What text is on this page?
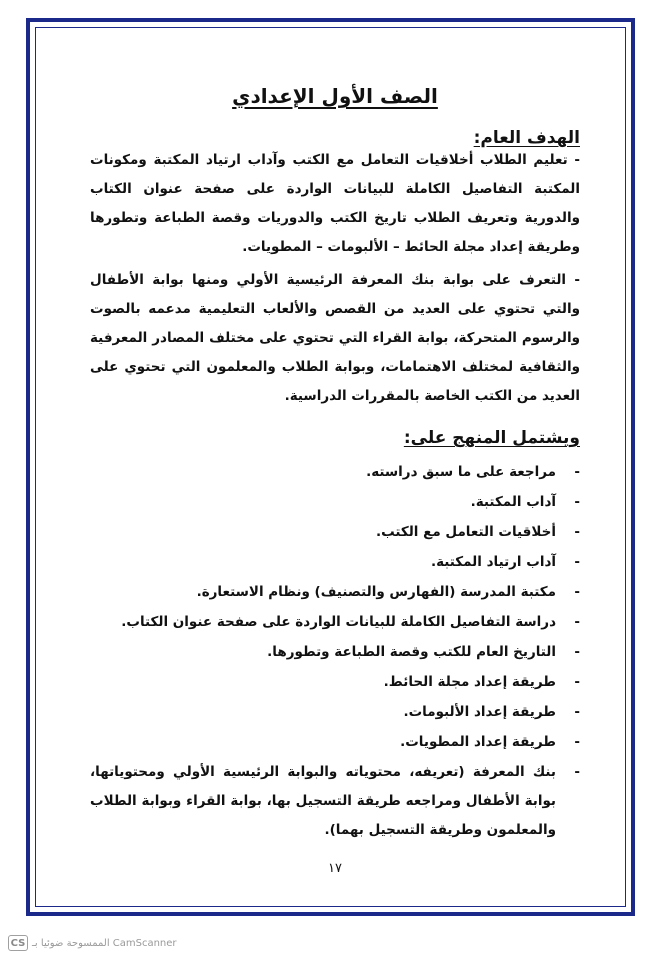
الصف الأول الإعدادي
الهدف العام:
- تعليم الطلاب أخلاقيات التعامل مع الكتب وآداب ارتياد المكتبة ومكونات المكتبة التفاصيل الكاملة للبيانات الواردة على صفحة عنوان الكتاب والدورية وتعريف الطلاب تاريخ الكتب والدوريات وقصة الطباعة وتطورها وطريقة إعداد مجلة الحائط – الألبومات – المطويات.
- التعرف على بوابة بنك المعرفة الرئيسية الأولي ومنها بوابة الأطفال والتي تحتوي على العديد من القصص والألعاب التعليمية مدعمه بالصوت والرسوم المتحركة، بوابة القراء التي تحتوي على مختلف المصادر المعرفية والثقافية لمختلف الاهتمامات، وبوابة الطلاب والمعلمون التي تحتوي على العديد من الكتب الخاصة بالمقررات الدراسية.
ويشتمل المنهج على:
-
مراجعة على ما سبق دراسته.
-
آداب المكتبة.
-
أخلاقيات التعامل مع الكتب.
-
آداب ارتياد المكتبة.
-
مكتبة المدرسة (الفهارس والتصنيف) ونظام الاستعارة.
-
دراسة التفاصيل الكاملة للبيانات الواردة على صفحة عنوان الكتاب.
-
التاريخ العام للكتب وقصة الطباعة وتطورها.
-
طريقة إعداد مجلة الحائط.
-
طريقة إعداد الألبومات.
-
طريقة إعداد المطويات.
-
بنك المعرفة (تعريفه، محتوياته والبوابة الرئيسية الأولي ومحتوياتها، بوابة الأطفال ومراجعه طريقة التسجيل بها، بوابة القراء وبوابة الطلاب والمعلمون وطريقة التسجيل بهما).
١٧
CS الممسوحة ضوئيا بـ CamScanner
